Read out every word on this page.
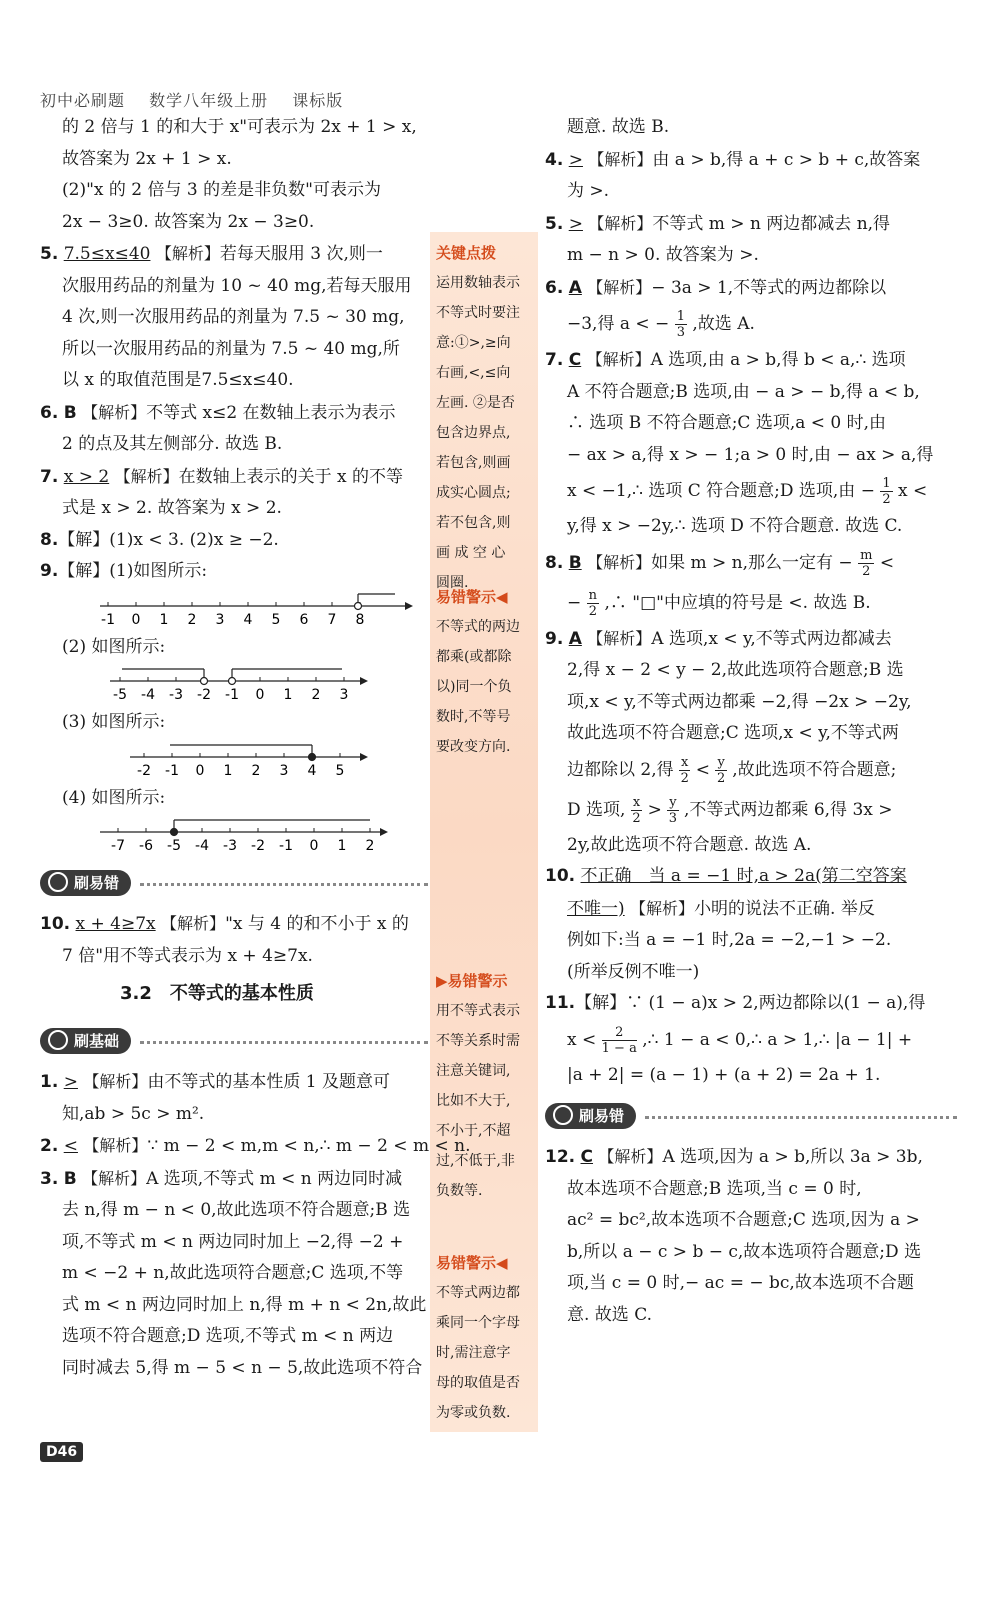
初中必刷题 数学八年级上册 课标版
关键点拨
运用数轴表示
不等式时要注
意:①>,≥向
右画,<,≤向
左画. ②是否
包含边界点,
若包含,则画
成实心圆点;
若不包含,则
画 成 空 心
圆圈.
易错警示◀
不等式的两边
都乘(或都除
以)同一个负
数时,不等号
要改变方向.
▶易错警示
用不等式表示
不等关系时需
注意关键词,
比如不大于,
不小于,不超
过,不低于,非
负数等.
易错警示◀
不等式两边都
乘同一个字母
时,需注意字
母的取值是否
为零或负数.
的 2 倍与 1 的和大于 x"可表示为 2x + 1 > x,
故答案为 2x + 1 > x.
(2)"x 的 2 倍与 3 的差是非负数"可表示为
2x − 3≥0. 故答案为 2x − 3≥0.
5. 7.5≤x≤40 【解析】若每天服用 3 次,则一
次服用药品的剂量为 10 ~ 40 mg,若每天服用
4 次,则一次服用药品的剂量为 7.5 ~ 30 mg,
所以一次服用药品的剂量为 7.5 ~ 40 mg,所
以 x 的取值范围是7.5≤x≤40.
6. B 【解析】不等式 x≤2 在数轴上表示为表示
2 的点及其左侧部分. 故选 B.
7. x > 2 【解析】在数轴上表示的关于 x 的不等
式是 x > 2. 故答案为 x > 2.
8.【解】(1)x < 3. (2)x ≥ −2.
9.【解】(1)如图所示:
-1 0 1 2 3 4 5 6 7 8
(2) 如图所示:
-5 -4 -3 -2 -1 0 1 2 3
(3) 如图所示:
-2 -1 0 1 2 3 4 5
(4) 如图所示:
-7 -6 -5 -4 -3 -2 -1 0 1 2
刷易错
10. x + 4≥7x 【解析】"x 与 4 的和不小于 x 的
7 倍"用不等式表示为 x + 4≥7x.
3.2　不等式的基本性质
刷基础
1. > 【解析】由不等式的基本性质 1 及题意可
知,ab > 5c > m².
2. < 【解析】∵ m − 2 < m,m < n,∴ m − 2 < m < n.
3. B 【解析】A 选项,不等式 m < n 两边同时减
去 n,得 m − n < 0,故此选项不符合题意;B 选
项,不等式 m < n 两边同时加上 −2,得 −2 +
m < −2 + n,故此选项符合题意;C 选项,不等
式 m < n 两边同时加上 n,得 m + n < 2n,故此
选项不符合题意;D 选项,不等式 m < n 两边
同时减去 5,得 m − 5 < n − 5,故此选项不符合
题意. 故选 B.
4. > 【解析】由 a > b,得 a + c > b + c,故答案
为 >.
5. > 【解析】不等式 m > n 两边都减去 n,得
m − n > 0. 故答案为 >.
6. A 【解析】− 3a > 1,不等式的两边都除以
−3,得 a < − $\frac{1}{3}$ ,故选 A.
7. C 【解析】A 选项,由 a > b,得 b < a,∴ 选项
A 不符合题意;B 选项,由 − a > − b,得 a < b,
∴ 选项 B 不符合题意;C 选项,a < 0 时,由
− ax > a,得 x > − 1;a > 0 时,由 − ax > a,得
x < −1,∴ 选项 C 符合题意;D 选项,由 − $\frac{1}{2}$ x <
y,得 x > −2y,∴ 选项 D 不符合题意. 故选 C.
8. B 【解析】如果 m > n,那么一定有 − $\frac{m}{2}$ <
− $\frac{n}{2}$ ,∴ "□"中应填的符号是 <. 故选 B.
9. A 【解析】A 选项,x < y,不等式两边都减去
2,得 x − 2 < y − 2,故此选项符合题意;B 选
项,x < y,不等式两边都乘 −2,得 −2x > −2y,
故此选项不符合题意;C 选项,x < y,不等式两
边都除以 2,得 $\frac{x}{2} < \frac{y}{2}$ ,故此选项不符合题意;
D 选项, $\frac{x}{2} > \frac{y}{3}$ ,不等式两边都乘 6,得 3x >
2y,故此选项不符合题意. 故选 A.
10. 不正确　当 a = −1 时,a > 2a(第二空答案
不唯一) 【解析】小明的说法不正确. 举反
例如下:当 a = −1 时,2a = −2,−1 > −2.
(所举反例不唯一)
11.【解】∵ (1 − a)x > 2,两边都除以(1 − a),得
$x < \frac{2}{1 - a}$ ,∴ 1 − a < 0,∴ a > 1,∴ |a − 1| +
|a + 2| = (a − 1) + (a + 2) = 2a + 1.
刷易错
12. C 【解析】A 选项,因为 a > b,所以 3a > 3b,
故本选项不合题意;B 选项,当 c = 0 时,
ac² = bc²,故本选项不合题意;C 选项,因为 a >
b,所以 a − c > b − c,故本选项符合题意;D 选
项,当 c = 0 时,− ac = − bc,故本选项不合题
意. 故选 C.
D46
